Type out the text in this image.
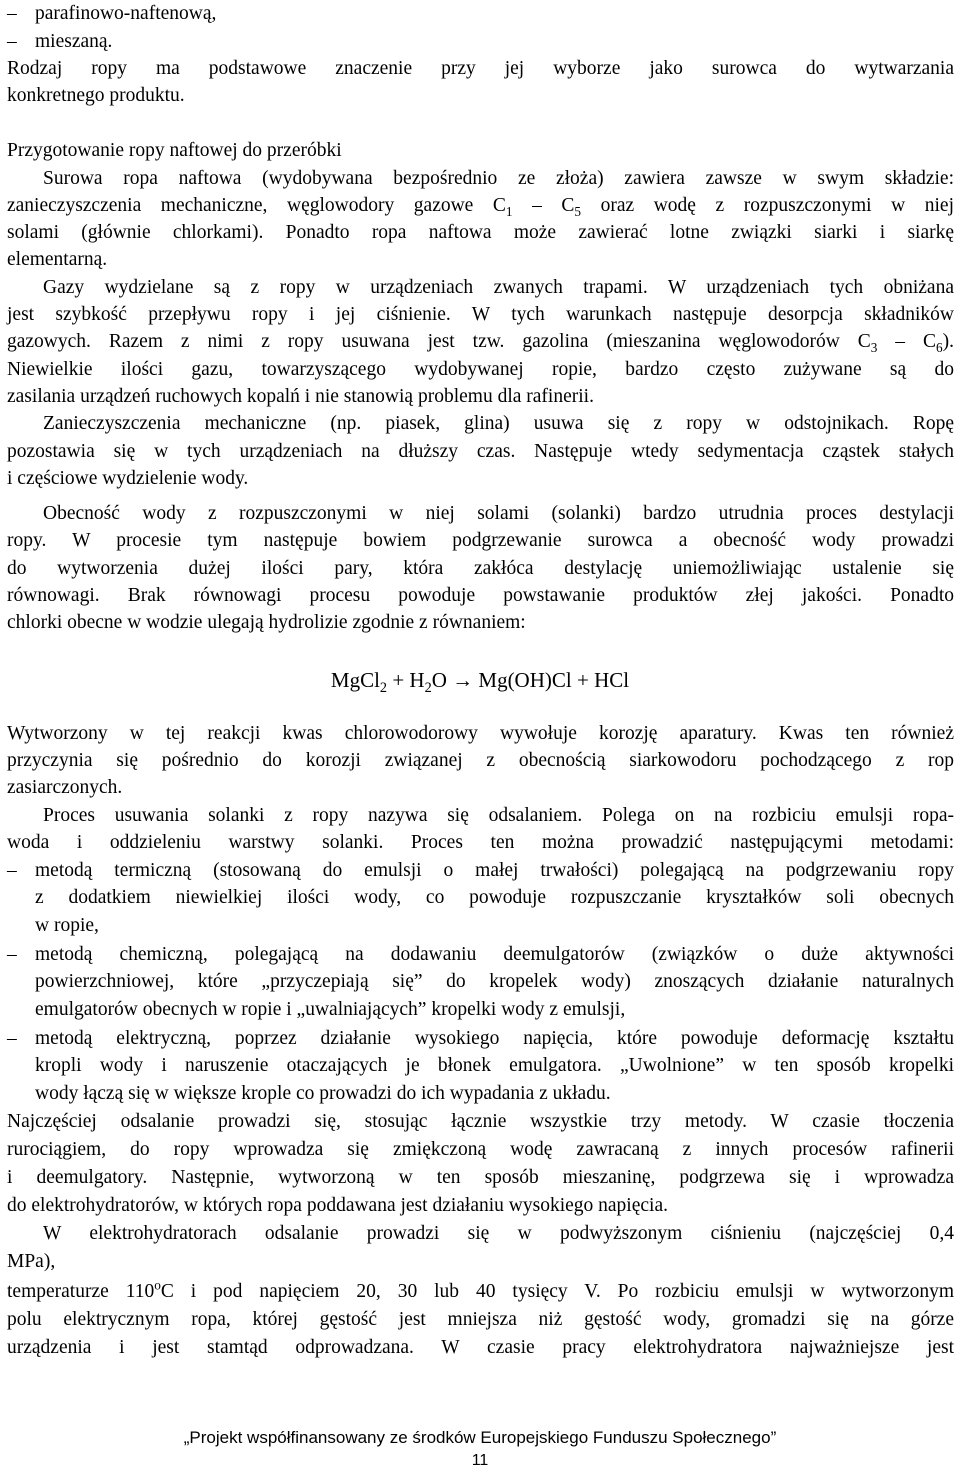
– parafinowo-naftenową,
– mieszaną.
Rodzaj ropy ma podstawowe znaczenie przy jej wyborze jako surowca do wytwarzania
konkretnego produktu.
Przygotowanie ropy naftowej do przeróbki
Surowa ropa naftowa (wydobywana bezpośrednio ze złoża) zawiera zawsze w swym składzie:
zanieczyszczenia mechaniczne, węglowodory gazowe $C_1 - C_5$ oraz wodę z rozpuszczonymi w niej
solami (głównie chlorkami). Ponadto ropa naftowa może zawierać lotne związki siarki i siarkę
elementarną.
Gazy wydzielane są z ropy w urządzeniach zwanych trapami. W urządzeniach tych obniżana
jest szybkość przepływu ropy i jej ciśnienie. W tych warunkach następuje desorpcja składników
gazowych. Razem z nimi z ropy usuwana jest tzw. gazolina (mieszanina węglowodorów $C_3 - C_6$).
Niewielkie ilości gazu, towarzyszącego wydobywanej ropie, bardzo często zużywane są do
zasilania urządzeń ruchowych kopalń i nie stanowią problemu dla rafinerii.
Zanieczyszczenia mechaniczne (np. piasek, glina) usuwa się z ropy w odstojnikach. Ropę
pozostawia się w tych urządzeniach na dłuższy czas. Następuje wtedy sedymentacja cząstek stałych
i częściowe wydzielenie wody.
Obecność wody z rozpuszczonymi w niej solami (solanki) bardzo utrudnia proces destylacji
ropy. W procesie tym następuje bowiem podgrzewanie surowca a obecność wody prowadzi
do wytworzenia dużej ilości pary, która zakłóca destylację uniemożliwiając ustalenie się
równowagi. Brak równowagi procesu powoduje powstawanie produktów złej jakości. Ponadto
chlorki obecne w wodzie ulegają hydrolizie zgodnie z równaniem:
MgCl$_2$ + $H_2O \to Mg(OH)Cl$ + HCl
Wytworzony w tej reakcji kwas chlorowodorowy wywołuje korozję aparatury. Kwas ten również
przyczynia się pośrednio do korozji związanej z obecnością siarkowodoru pochodzącego z rop
zasiarczonych.
Proces usuwania solanki z ropy nazywa się odsalaniem. Polega on na rozbiciu emulsji ropa-
woda i oddzieleniu warstwy solanki. Proces ten można prowadzić następującymi metodami:
– metodą termiczną (stosowaną do emulsji o małej trwałości) polegającą na podgrzewaniu ropy
z dodatkiem niewielkiej ilości wody, co powoduje rozpuszczanie kryształków soli obecnych
w ropie,
– metodą chemiczną, polegającą na dodawaniu deemulgatorów (związków o duże aktywności
powierzchniowej, które „przyczepiają się” do kropelek wody) znoszących działanie naturalnych
emulgatorów obecnych w ropie i „uwalniających” kropelki wody z emulsji,
– metodą elektryczną, poprzez działanie wysokiego napięcia, które powoduje deformację kształtu
kropli wody i naruszenie otaczających je błonek emulgatora. „Uwolnione” w ten sposób kropelki
wody łączą się w większe krople co prowadzi do ich wypadania z układu.
Najczęściej odsalanie prowadzi się, stosując łącznie wszystkie trzy metody. W czasie tłoczenia
rurociągiem, do ropy wprowadza się zmiękczoną wodę zawracaną z innych procesów rafinerii
i deemulgatory. Następnie, wytworzoną w ten sposób mieszaninę, podgrzewa się i wprowadza
do elektrohydratorów, w których ropa poddawana jest działaniu wysokiego napięcia.
W elektrohydratorach odsalanie prowadzi się w podwyższonym ciśnieniu (najczęściej 0,4
MPa),
temperaturze 110$^o$C i pod napięciem 20, 30 lub 40 tysięcy V. Po rozbiciu emulsji w wytworzonym
polu elektrycznym ropa, której gęstość jest mniejsza niż gęstość wody, gromadzi się na górze
urządzenia i jest stamtąd odprowadzana. W czasie pracy elektrohydratora najważniejsze jest
„Projekt współfinansowany ze środków Europejskiego Funduszu Społecznego”
11
